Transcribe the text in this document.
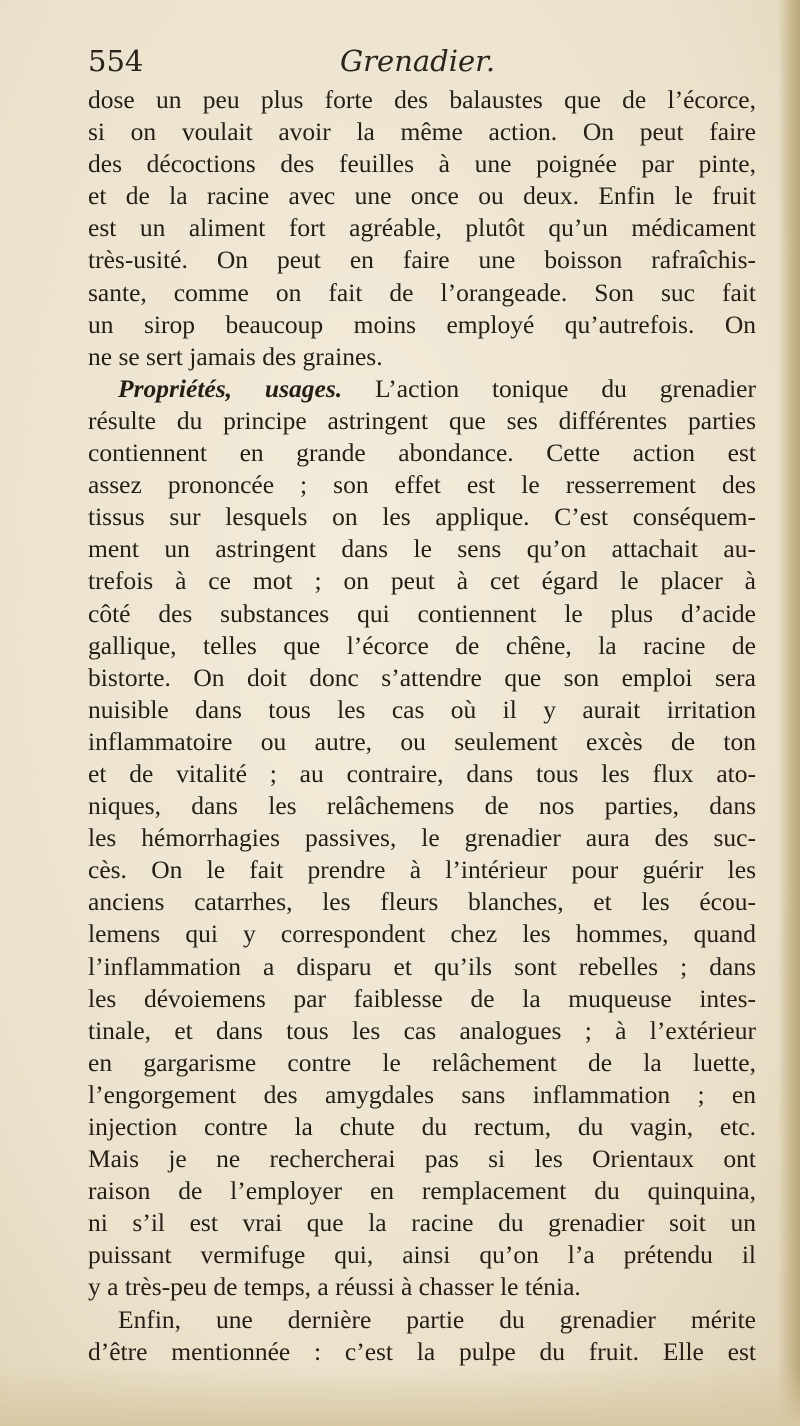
554	Grenadier.
dose un peu plus forte des balaustes que de l’écorce,
si on voulait avoir la même action. On peut faire
des décoctions des feuilles à une poignée par pinte,
et de la racine avec une once ou deux. Enfin le fruit
est un aliment fort agréable, plutôt qu’un médicament
très-usité. On peut en faire une boisson rafraîchis-
sante, comme on fait de l’orangeade. Son suc fait
un sirop beaucoup moins employé qu’autrefois. On
ne se sert jamais des graines.
Propriétés, usages. L’action tonique du grenadier
résulte du principe astringent que ses différentes parties
contiennent en grande abondance. Cette action est
assez prononcée ; son effet est le resserrement des
tissus sur lesquels on les applique. C’est conséquem-
ment un astringent dans le sens qu’on attachait au-
trefois à ce mot ; on peut à cet égard le placer à
côté des substances qui contiennent le plus d’acide
gallique, telles que l’écorce de chêne, la racine de
bistorte. On doit donc s’attendre que son emploi sera
nuisible dans tous les cas où il y aurait irritation
inflammatoire ou autre, ou seulement excès de ton
et de vitalité ; au contraire, dans tous les flux ato-
niques, dans les relâchemens de nos parties, dans
les hémorrhagies passives, le grenadier aura des suc-
cès. On le fait prendre à l’intérieur pour guérir les
anciens catarrhes, les fleurs blanches, et les écou-
lemens qui y correspondent chez les hommes, quand
l’inflammation a disparu et qu’ils sont rebelles ; dans
les dévoiemens par faiblesse de la muqueuse intes-
tinale, et dans tous les cas analogues ; à l’extérieur
en gargarisme contre le relâchement de la luette,
l’engorgement des amygdales sans inflammation ; en
injection contre la chute du rectum, du vagin, etc.
Mais je ne rechercherai pas si les Orientaux ont
raison de l’employer en remplacement du quinquina,
ni s’il est vrai que la racine du grenadier soit un
puissant vermifuge qui, ainsi qu’on l’a prétendu il
y a très-peu de temps, a réussi à chasser le ténia.
Enfin, une dernière partie du grenadier mérite
d’être mentionnée : c’est la pulpe du fruit. Elle est
